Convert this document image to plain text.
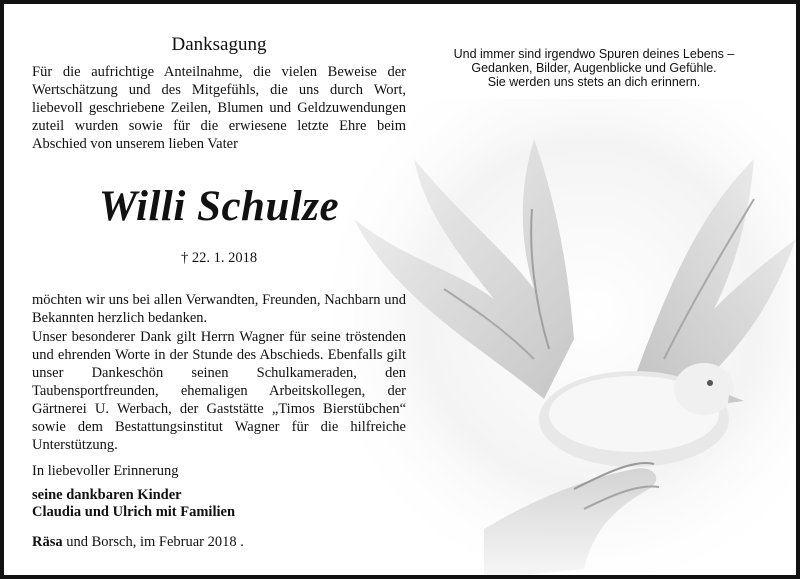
Danksagung

Für die aufrichtige Anteilnahme, die vielen Beweise der Wertschätzung und des Mitgefühls, die uns durch Wort, liebevoll geschriebene Zeilen, Blumen und Geldzuwendungen zuteil wurden sowie für die erwiesene letzte Ehre beim Abschied von unserem lieben Vater

Willi Schulze
† 22. 1. 2018

möchten wir uns bei allen Verwandten, Freunden, Nachbarn und Bekannten herzlich bedanken.

Unser besonderer Dank gilt Herrn Wagner für seine tröstenden und ehrenden Worte in der Stunde des Abschieds. Ebenfalls gilt unser Dankeschön seinen Schulkameraden, den Taubensportfreunden, ehemaligen Arbeitskollegen, der Gärtnerei U. Werbach, der Gaststätte „Timos Bierstübchen“ sowie dem Bestattungsinstitut Wagner für die hilfreiche Unterstützung.

In liebevoller Erinnerung
seine dankbaren Kinder
Claudia und Ulrich mit Familien
Räsa und Borsch, im Februar 2018 .
Und immer sind irgendwo Spuren deines Lebens –
Gedanken, Bilder, Augenblicke und Gefühle.
Sie werden uns stets an dich erinnern.
